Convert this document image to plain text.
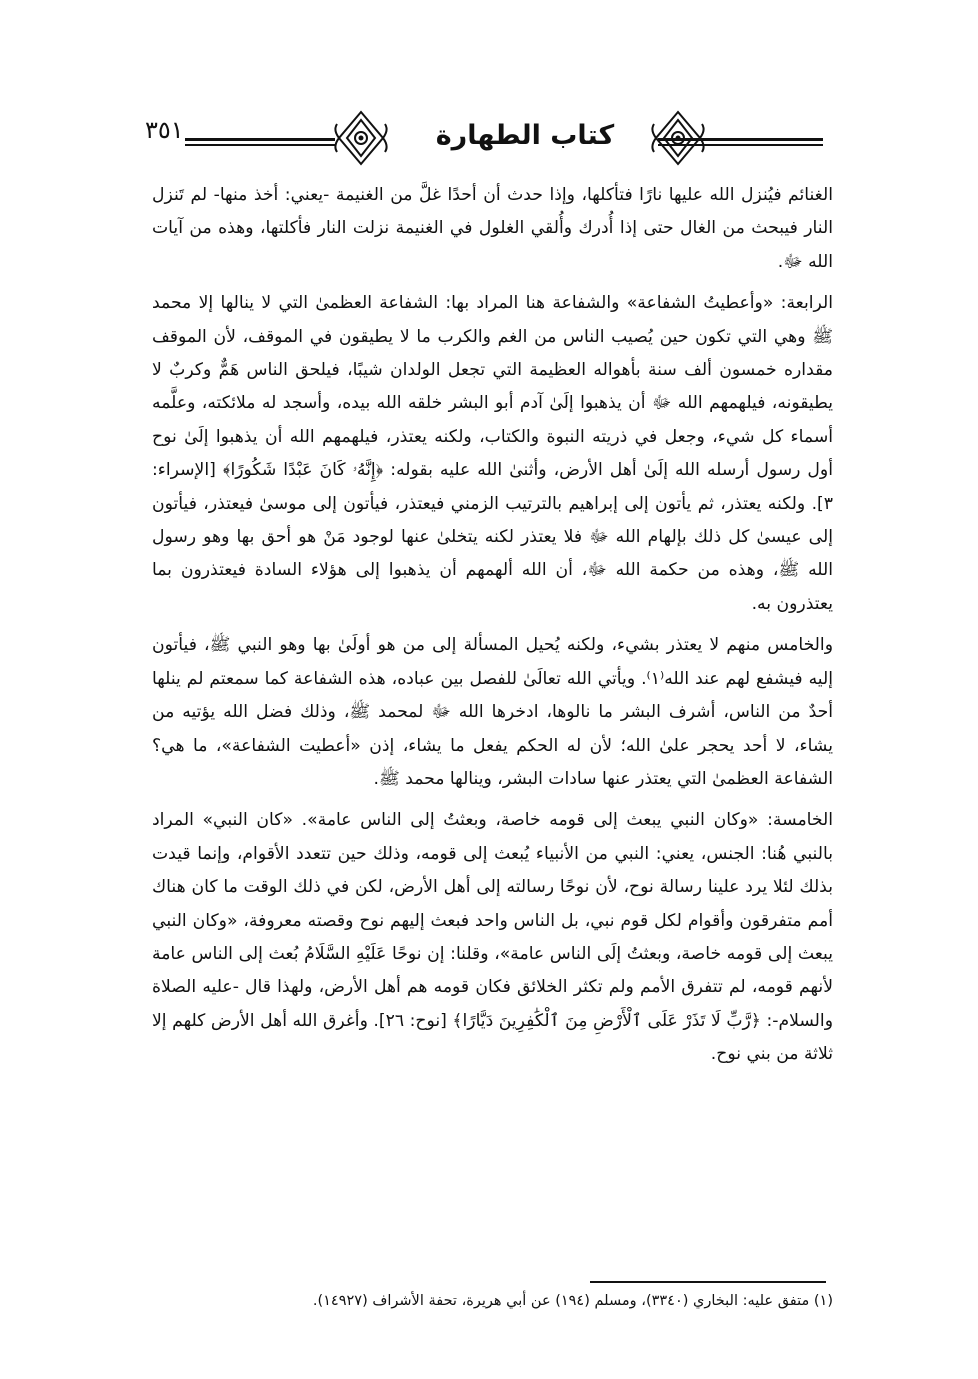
٣٥١	كتاب الطهارة

الغنائم فيُنزل الله عليها نارًا فتأكلها، وإذا حدث أن أحدًا غلَّ من الغنيمة -يعني: أخذ منها- لم تَنزل النار فيبحث من الغال حتى إذا أُدرك وأُلقي الغلول في الغنيمة نزلت النار فأكلتها، وهذه من آيات الله ﷻ.

الرابعة: «وأعطيتُ الشفاعة» والشفاعة هنا المراد بها: الشفاعة العظمىٰ التي لا ينالها إلا محمد ﷺ وهي التي تكون حين يُصيب الناس من الغم والكرب ما لا يطيقون في الموقف، لأن الموقف مقداره خمسون ألف سنة بأهواله العظيمة التي تجعل الولدان شيبًا، فيلحق الناس هَمٌّ وكربٌ لا يطيقونه، فيلهمهم الله ﷻ أن يذهبوا إلَىٰ آدم أبو البشر خلقه الله بيده، وأسجد له ملائكته، وعلَّمه أسماء كل شيء، وجعل في ذريته النبوة والكتاب، ولكنه يعتذر، فيلهمهم الله أن يذهبوا إلَىٰ نوح أول رسول أرسله الله إلَىٰ أهل الأرض، وأثنىٰ الله عليه بقوله: ﴿إِنَّهُۥ كَانَ عَبْدًا شَكُورًا﴾ [الإسراء: ٣]. ولكنه يعتذر، ثم يأتون إلى إبراهيم بالترتيب الزمني فيعتذر، فيأتون إلى موسىٰ فيعتذر، فيأتون إلى عيسىٰ كل ذلك بإلهام الله ﷻ فلا يعتذر لكنه يتخلىٰ عنها لوجود مَنْ هو أحق بها وهو رسول الله ﷺ، وهذه من حكمة الله ﷻ، أن الله ألهمهم أن يذهبوا إلى هؤلاء السادة فيعتذرون بما يعتذرون به.

والخامس منهم لا يعتذر بشيء، ولكنه يُحيل المسألة إلى من هو أولَىٰ بها وهو النبي ﷺ، فيأتون إليه فيشفع لهم عند الله⁽١⁾. ويأتي الله تعالَىٰ للفصل بين عباده، هذه الشفاعة كما سمعتم لم ينلها أحدٌ من الناس، أشرف البشر ما نالوها، ادخرها الله ﷻ لمحمد ﷺ، وذلك فضل الله يؤتيه من يشاء، لا أحد يحجر علىٰ الله؛ لأن له الحكم يفعل ما يشاء، إذن «أعطيت الشفاعة»، ما هي؟ الشفاعة العظمىٰ التي يعتذر عنها سادات البشر، وينالها محمد ﷺ.

الخامسة: «وكان النبي يبعث إلى قومه خاصة، وبعثتُ إلى الناس عامة». «كان النبي» المراد بالنبي هُنا: الجنس، يعني: النبي من الأنبياء يُبعث إلى قومه، وذلك حين تتعدد الأقوام، وإنما قيدت بذلك لئلا يرد علينا رسالة نوح، لأن نوحًا رسالته إلى أهل الأرض، لكن في ذلك الوقت ما كان هناك أمم متفرقون وأقوام لكل قوم نبي، بل الناس واحد فبعث إليهم نوح وقصته معروفة، «وكان النبي يبعث إلى قومه خاصة، وبعثتُ إلَى الناس عامة»، وقلنا: إن نوحًا عَلَيْهِ السَّلَامُ بُعث إلى الناس عامة لأنهم قومه، لم تتفرق الأمم ولم تكثر الخلائق فكان قومه هم أهل الأرض، ولهذا قال -عليه الصلاة والسلام-: ﴿رَّبِّ لَا تَذَرْ عَلَى ٱلْأَرْضِ مِنَ ٱلْكَٰفِرِينَ دَيَّارًا﴾ [نوح: ٢٦]. وأغرق الله أهل الأرض كلهم إلا ثلاثة من بني نوح.

(١) متفق عليه: البخاري (٣٣٤٠)، ومسلم (١٩٤) عن أبي هريرة، تحفة الأشراف (١٤٩٢٧).
